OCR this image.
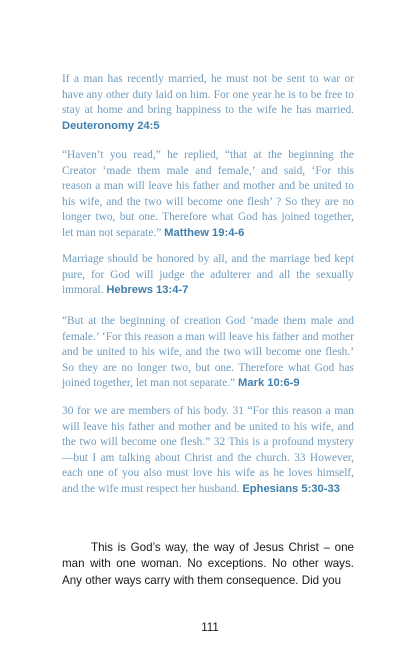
If a man has recently married, he must not be sent to war or have any other duty laid on him. For one year he is to be free to stay at home and bring happiness to the wife he has married. Deuteronomy 24:5

“Haven’t you read,” he replied, “that at the beginning the Creator ‘made them male and female,’ and said, ‘For this reason a man will leave his father and mother and be united to his wife, and the two will become one flesh’ ? So they are no longer two, but one. Therefore what God has joined together, let man not separate.” Matthew 19:4-6

Marriage should be honored by all, and the marriage bed kept pure, for God will judge the adulterer and all the sexually immoral. Hebrews 13:4-7

“But at the beginning of creation God ‘made them male and female.’ ‘For this reason a man will leave his father and mother and be united to his wife, and the two will become one flesh.’ So they are no longer two, but one. Therefore what God has joined together, let man not separate.” Mark 10:6-9

30 for we are members of his body. 31 “For this reason a man will leave his father and mother and be united to his wife, and the two will become one flesh.” 32 This is a profound mystery—but I am talking about Christ and the church. 33 However, each one of you also must love his wife as he loves himself, and the wife must respect her husband. Ephesians 5:30-33

This is God’s way, the way of Jesus Christ – one man with one woman. No exceptions. No other ways. Any other ways carry with them consequence. Did you

111
